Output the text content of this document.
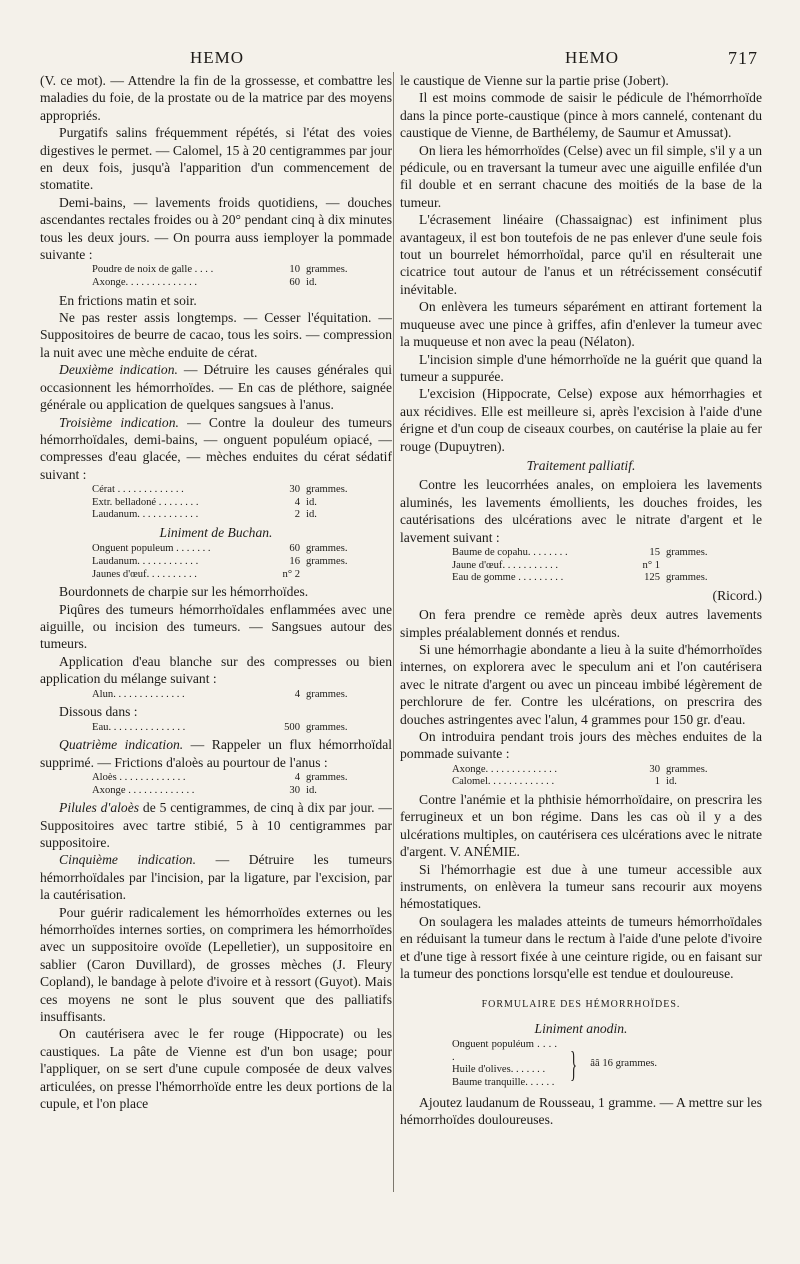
HEMO	HEMO	717

(V. ce mot). — Attendre la fin de la grossesse, et combattre les maladies du foie, de la prostate ou de la matrice par des moyens appropriés.

Purgatifs salins fréquemment répétés, si l'état des voies digestives le permet. — Calomel, 15 à 20 centigrammes par jour en deux fois, jusqu'à l'apparition d'un commencement de stomatite.

Demi-bains, — lavements froids quotidiens, — douches ascendantes rectales froides ou à 20° pendant cinq à dix minutes tous les deux jours. — On pourra auss iemployer la pommade suivante :

Poudre de noix de galle . . . .	10 grammes.
Axonge. . . . . . . . . . . . . .	60 id.

En frictions matin et soir.

Ne pas rester assis longtemps. — Cesser l'équitation. — Suppositoires de beurre de cacao, tous les soirs. — compression la nuit avec une mèche enduite de cérat.

Deuxième indication. — Détruire les causes générales qui occasionnent les hémorrhoïdes. — En cas de pléthore, saignée générale ou application de quelques sangsues à l'anus.

Troisième indication. — Contre la douleur des tumeurs hémorrhoïdales, demi-bains, — onguent populéum opiacé, — compresses d'eau glacée, — mèches enduites du cérat sédatif suivant :

Cérat . . . . . . . . . . . . .	30 grammes.
Extr. belladoné . . . . . . . .	4 id.
Laudanum. . . . . . . . . . . .	2 id.
Liniment de Buchan.
Onguent populeum . . . . . . .	60 grammes.
Laudanum. . . . . . . . . . . .	16 grammes.
Jaunes d'œuf. . . . . . . . . .	n° 2

Bourdonnets de charpie sur les hémorrhoïdes.

Piqûres des tumeurs hémorrhoïdales enflammées avec une aiguille, ou incision des tumeurs. — Sangsues autour des tumeurs.

Application d'eau blanche sur des compresses ou bien application du mélange suivant :

Alun. . . . . . . . . . . . . .	4 grammes.

Dissous dans :

Eau. . . . . . . . . . . . . . .	500 grammes.

Quatrième indication. — Rappeler un flux hémorrhoïdal supprimé. — Frictions d'aloès au pourtour de l'anus :

Aloès . . . . . . . . . . . . .	4 grammes.
Axonge . . . . . . . . . . . . .	30 id.

Pilules d'aloès de 5 centigrammes, de cinq à dix par jour. — Suppositoires avec tartre stibié, 5 à 10 centigrammes par suppositoire.

Cinquième indication. — Détruire les tumeurs hémorrhoïdales par l'incision, par la ligature, par l'excision, par la cautérisation.

Pour guérir radicalement les hémorrhoïdes externes ou les hémorrhoïdes internes sorties, on comprimera les hémorrhoïdes avec un suppositoire ovoïde (Lepelletier), un suppositoire en sablier (Caron Duvillard), de grosses mèches (J. Fleury Copland), le bandage à pelote d'ivoire et à ressort (Guyot). Mais ces moyens ne sont le plus souvent que des palliatifs insuffisants.

On cautérisera avec le fer rouge (Hippocrate) ou les caustiques. La pâte de Vienne est d'un bon usage; pour l'appliquer, on se sert d'une cupule composée de deux valves articulées, on presse l'hémorrhoïde entre les deux portions de la cupule, et l'on place

le caustique de Vienne sur la partie prise (Jobert).

Il est moins commode de saisir le pédicule de l'hémorrhoïde dans la pince porte-caustique (pince à mors cannelé, contenant du caustique de Vienne, de Barthélemy, de Saumur et Amussat).

On liera les hémorrhoïdes (Celse) avec un fil simple, s'il y a un pédicule, ou en traversant la tumeur avec une aiguille enfilée d'un fil double et en serrant chacune des moitiés de la base de la tumeur.

L'écrasement linéaire (Chassaignac) est infiniment plus avantageux, il est bon toutefois de ne pas enlever d'une seule fois tout un bourrelet hémorrhoïdal, parce qu'il en résulterait une cicatrice tout autour de l'anus et un rétrécissement consécutif inévitable.

On enlèvera les tumeurs séparément en attirant fortement la muqueuse avec une pince à griffes, afin d'enlever la tumeur avec la muqueuse et non avec la peau (Nélaton).

L'incision simple d'une hémorrhoïde ne la guérit que quand la tumeur a suppurée.

L'excision (Hippocrate, Celse) expose aux hémorrhagies et aux récidives. Elle est meilleure si, après l'excision à l'aide d'une érigne et d'un coup de ciseaux courbes, on cautérise la plaie au fer rouge (Dupuytren).

Traitement palliatif.

Contre les leucorrhées anales, on emploiera les lavements aluminés, les lavements émollients, les douches froides, les cautérisations des ulcérations avec le nitrate d'argent et le lavement suivant :

Baume de copahu. . . . . . . .	15 grammes.
Jaune d'œuf. . . . . . . . . . .	n° 1
Eau de gomme . . . . . . . . .	125 grammes.
(Ricord.)

On fera prendre ce remède après deux autres lavements simples préalablement donnés et rendus.

Si une hémorrhagie abondante a lieu à la suite d'hémorrhoïdes internes, on explorera avec le speculum ani et l'on cautérisera avec le nitrate d'argent ou avec un pinceau imbibé légèrement de perchlorure de fer. Contre les ulcérations, on prescrira des douches astringentes avec l'alun, 4 grammes pour 150 gr. d'eau.

On introduira pendant trois jours des mèches enduites de la pommade suivante :

Axonge. . . . . . . . . . . . . .	30 grammes.
Calomel. . . . . . . . . . . . .	1 id.

Contre l'anémie et la phthisie hémorrhoïdaire, on prescrira les ferrugineux et un bon régime. Dans les cas où il y a des ulcérations multiples, on cautérisera ces ulcérations avec le nitrate d'argent. V. ANÉMIE.

Si l'hémorrhagie est due à une tumeur accessible aux instruments, on enlèvera la tumeur sans recourir aux moyens hémostatiques.

On soulagera les malades atteints de tumeurs hémorrhoïdales en réduisant la tumeur dans le rectum à l'aide d'une pelote d'ivoire et d'une tige à ressort fixée à une ceinture rigide, ou en faisant sur la tumeur des ponctions lorsqu'elle est tendue et douloureuse.

FORMULAIRE DES HÉMORRHOÏDES.
Liniment anodin.
Onguent populéum . . . . .
Huile d'olives. . . . . . .
Baume tranquille. . . . . . } ââ 16 grammes.

Ajoutez laudanum de Rousseau, 1 gramme. — A mettre sur les hémorrhoïdes douloureuses.
